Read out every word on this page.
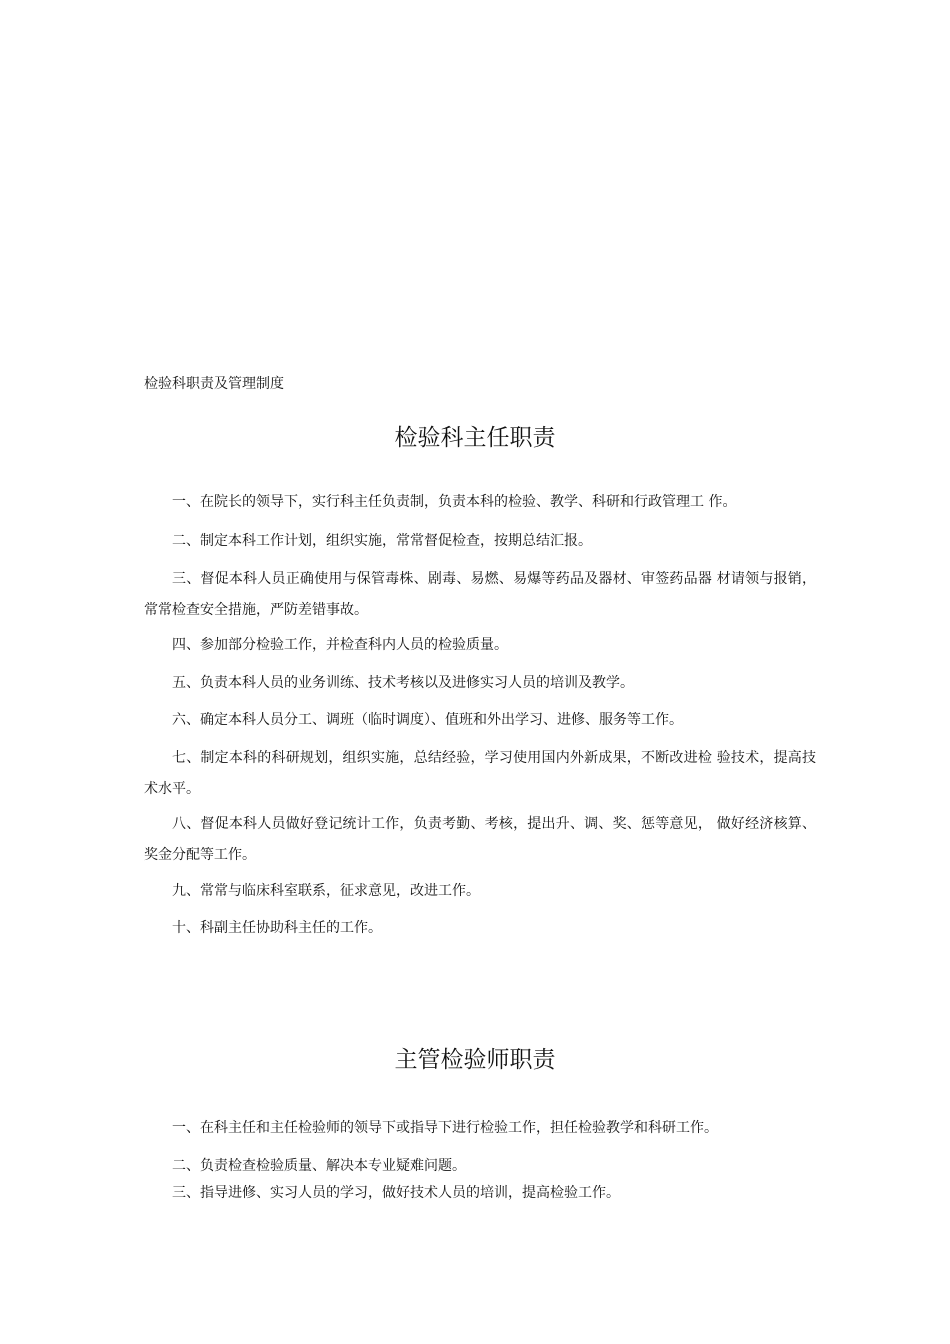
检验科职责及管理制度
检验科主任职责

一、在院长的领导下，实行科主任负责制，负责本科的检验、教学、科研和行政管理工 作。

二、制定本科工作计划，组织实施，常常督促检查，按期总结汇报。

三、督促本科人员正确使用与保管毒株、剧毒、易燃、易爆等药品及器材、审签药品器 材请领与报销，常常检查安全措施，严防差错事故。

四、参加部分检验工作，并检查科内人员的检验质量。

五、负责本科人员的业务训练、技术考核以及进修实习人员的培训及教学。

六、确定本科人员分工、调班（临时调度）、值班和外出学习、进修、服务等工作。

七、制定本科的科研规划，组织实施，总结经验，学习使用国内外新成果，不断改进检 验技术，提高技术水平。

八、督促本科人员做好登记统计工作，负责考勤、考核，提出升、调、奖、惩等意见， 做好经济核算、奖金分配等工作。

九、常常与临床科室联系，征求意见，改进工作。

十、科副主任协助科主任的工作。

主管检验师职责

一、在科主任和主任检验师的领导下或指导下进行检验工作，担任检验教学和科研工作。

二、负责检查检验质量、解决本专业疑难问题。

三、指导进修、实习人员的学习，做好技术人员的培训，提高检验工作。
